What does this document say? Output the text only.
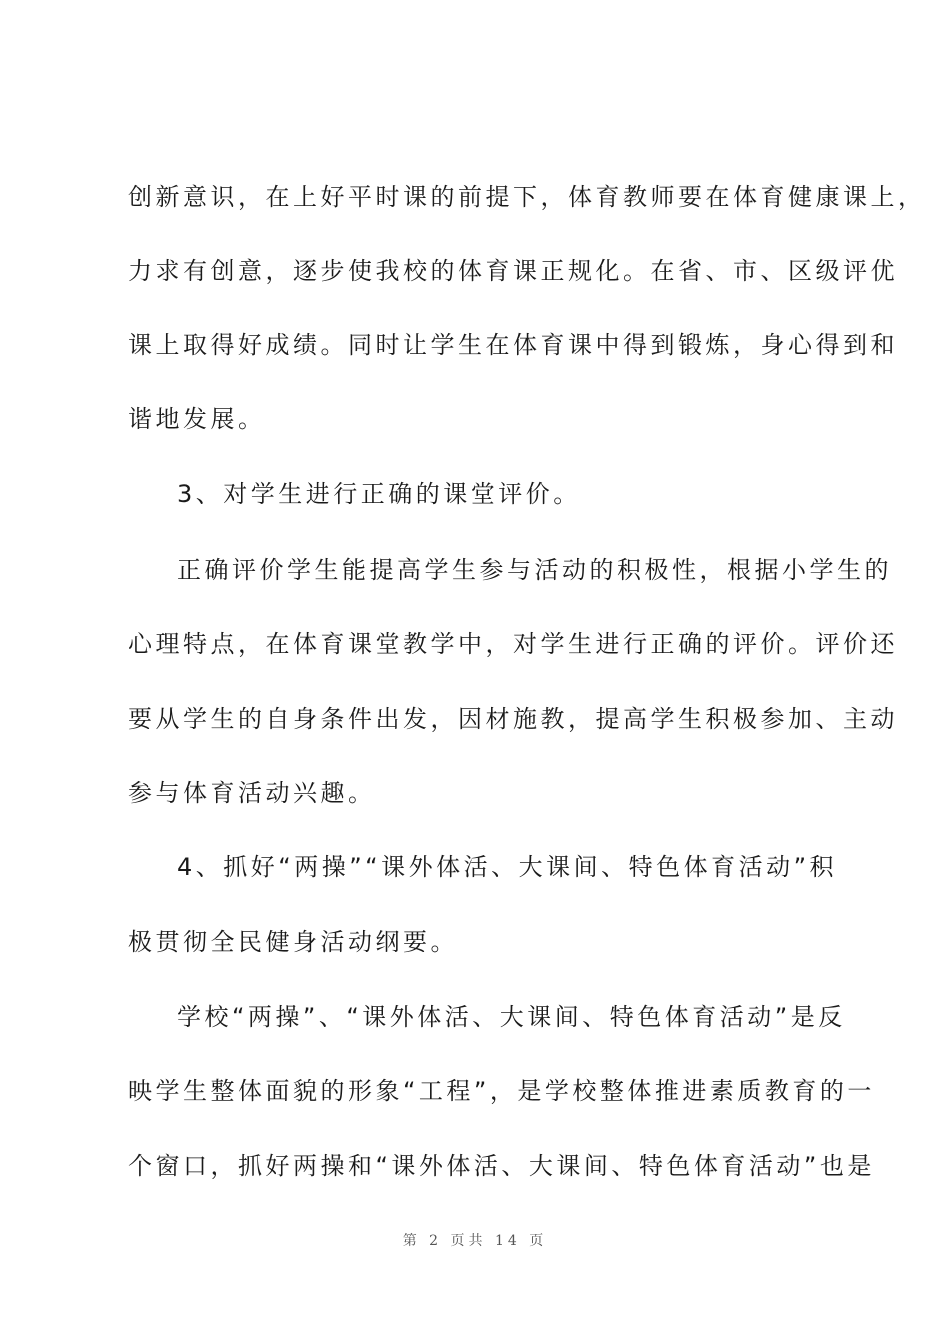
创新意识，在上好平时课的前提下，体育教师要在体育健康课上，
力求有创意，逐步使我校的体育课正规化。在省、市、区级评优
课上取得好成绩。同时让学生在体育课中得到锻炼，身心得到和
谐地发展。
3、对学生进行正确的课堂评价。
正确评价学生能提高学生参与活动的积极性，根据小学生的
心理特点，在体育课堂教学中，对学生进行正确的评价。评价还
要从学生的自身条件出发，因材施教，提高学生积极参加、主动
参与体育活动兴趣。
4、抓好“两操”“课外体活、大课间、特色体育活动”积
极贯彻全民健身活动纲要。
学校“两操”、“课外体活、大课间、特色体育活动”是反
映学生整体面貌的形象“工程”，是学校整体推进素质教育的一
个窗口，抓好两操和“课外体活、大课间、特色体育活动”也是
第 2 页共 14 页
